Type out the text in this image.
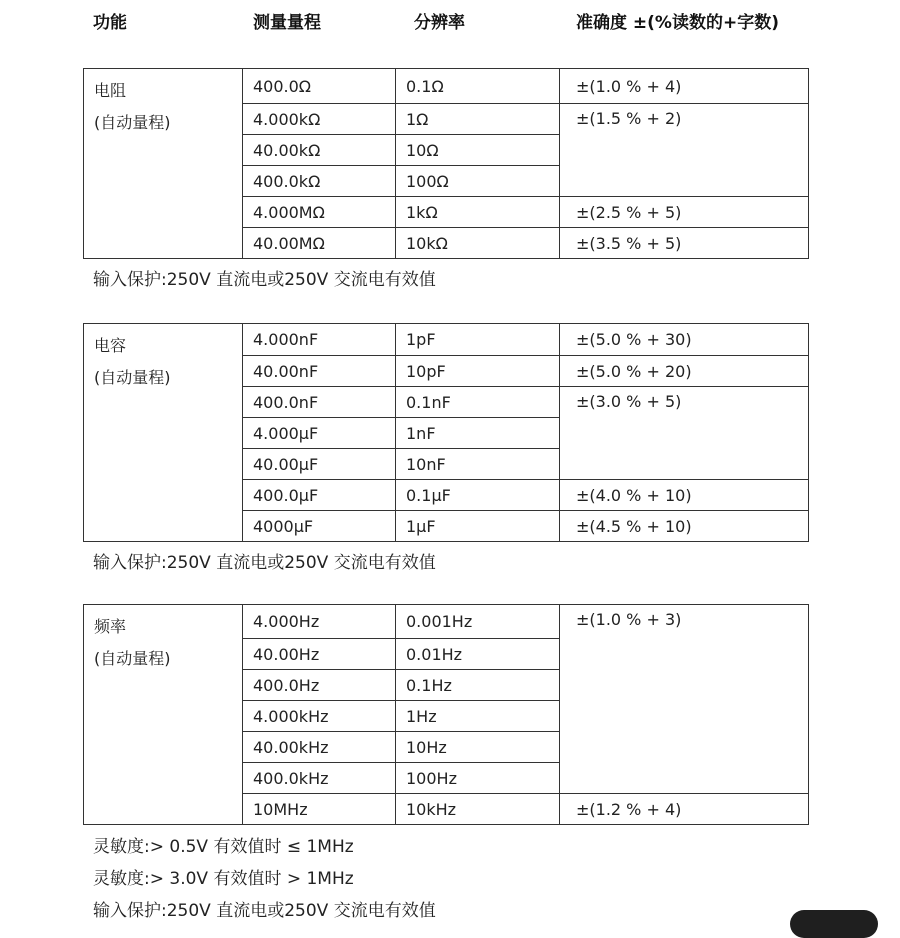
功能	测量量程	分辨率	准确度 ±(%读数的+字数)
电阻
(自动量程)	400.0Ω	0.1Ω	±(1.0 % + 4)
	4.000kΩ	1Ω	±(1.5 % + 2)
	40.00kΩ	10Ω	
	400.0kΩ	100Ω	
	4.000MΩ	1kΩ	±(2.5 % + 5)
	40.00MΩ	10kΩ	±(3.5 % + 5)
输入保护:250V 直流电或250V 交流电有效值
电容
(自动量程)	4.000nF	1pF	±(5.0 % + 30)
	40.00nF	10pF	±(5.0 % + 20)
	400.0nF	0.1nF	±(3.0 % + 5)
	4.000μF	1nF	
	40.00μF	10nF	
	400.0μF	0.1μF	±(4.0 % + 10)
	4000μF	1μF	±(4.5 % + 10)
输入保护:250V 直流电或250V 交流电有效值
频率
(自动量程)	4.000Hz	0.001Hz	±(1.0 % + 3)
	40.00Hz	0.01Hz	
	400.0Hz	0.1Hz	
	4.000kHz	1Hz	
	40.00kHz	10Hz	
	400.0kHz	100Hz	
	10MHz	10kHz	±(1.2 % + 4)
灵敏度:> 0.5V 有效值时 ≤ 1MHz
灵敏度:> 3.0V 有效值时 > 1MHz
输入保护:250V 直流电或250V 交流电有效值
